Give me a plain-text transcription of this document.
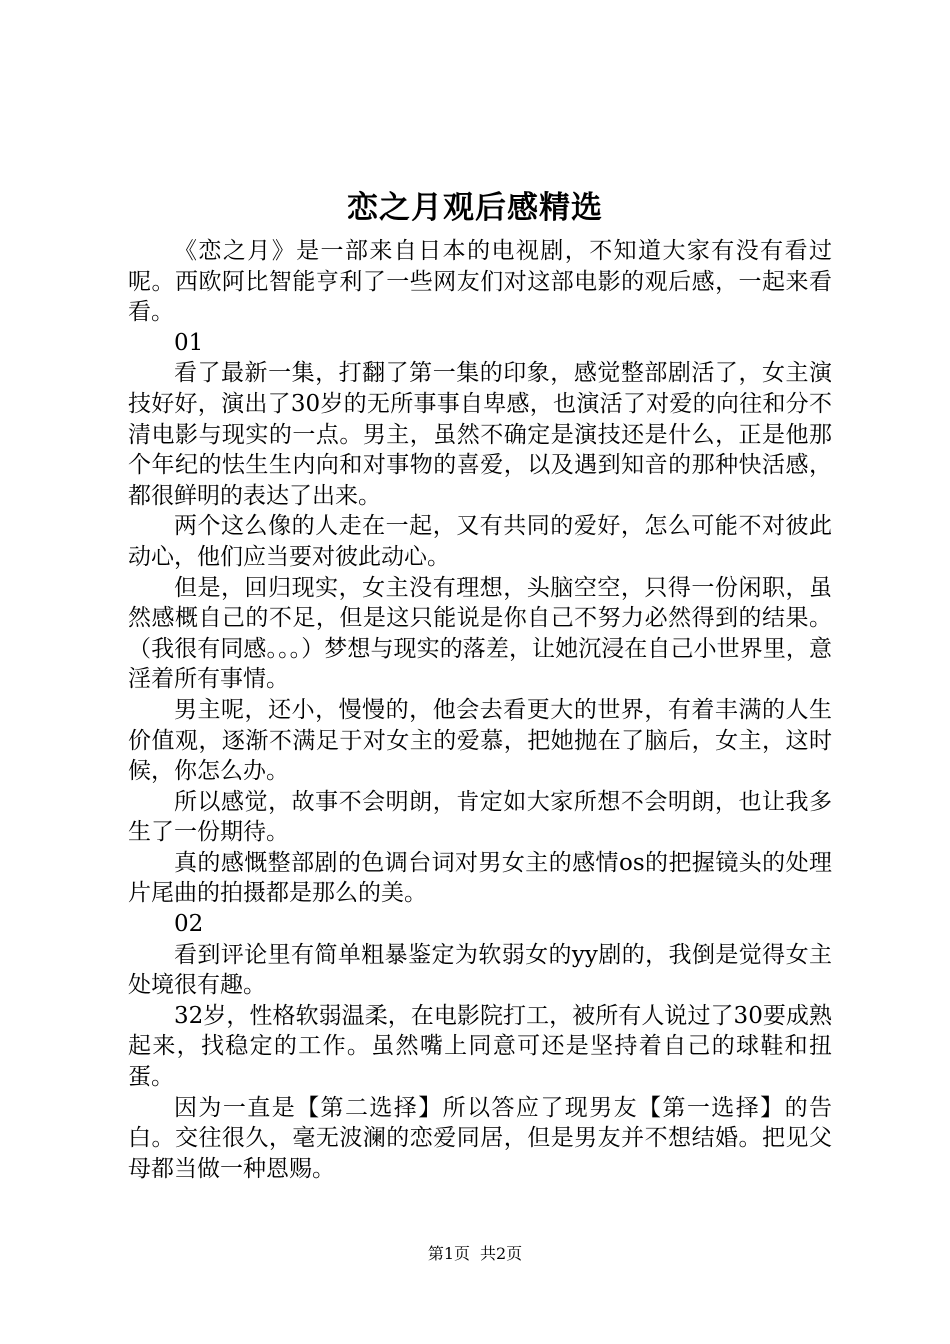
恋之月观后感精选

《恋之月》是一部来自日本的电视剧，不知道大家有没有看过呢。西欧阿比智能亨利了一些网友们对这部电影的观后感，一起来看看。

01

看了最新一集，打翻了第一集的印象，感觉整部剧活了，女主演技好好，演出了30岁的无所事事自卑感，也演活了对爱的向往和分不清电影与现实的一点。男主，虽然不确定是演技还是什么，正是他那个年纪的怯生生内向和对事物的喜爱，以及遇到知音的那种快活感，都很鲜明的表达了出来。

两个这么像的人走在一起，又有共同的爱好，怎么可能不对彼此动心，他们应当要对彼此动心。

但是，回归现实，女主没有理想，头脑空空，只得一份闲职，虽然感概自己的不足，但是这只能说是你自己不努力必然得到的结果。（我很有同感。。。）梦想与现实的落差，让她沉浸在自己小世界里，意淫着所有事情。

男主呢，还小，慢慢的，他会去看更大的世界，有着丰满的人生价值观，逐渐不满足于对女主的爱慕，把她抛在了脑后，女主，这时候，你怎么办。

所以感觉，故事不会明朗，肯定如大家所想不会明朗，也让我多生了一份期待。

真的感慨整部剧的色调台词对男女主的感情os的把握镜头的处理片尾曲的拍摄都是那么的美。

02

看到评论里有简单粗暴鉴定为软弱女的yy剧的，我倒是觉得女主处境很有趣。

32岁，性格软弱温柔，在电影院打工，被所有人说过了30要成熟起来，找稳定的工作。虽然嘴上同意可还是坚持着自己的球鞋和扭蛋。

因为一直是【第二选择】所以答应了现男友【第一选择】的告白。交往很久，毫无波澜的恋爱同居，但是男友并不想结婚。把见父母都当做一种恩赐。

第1页 共2页
